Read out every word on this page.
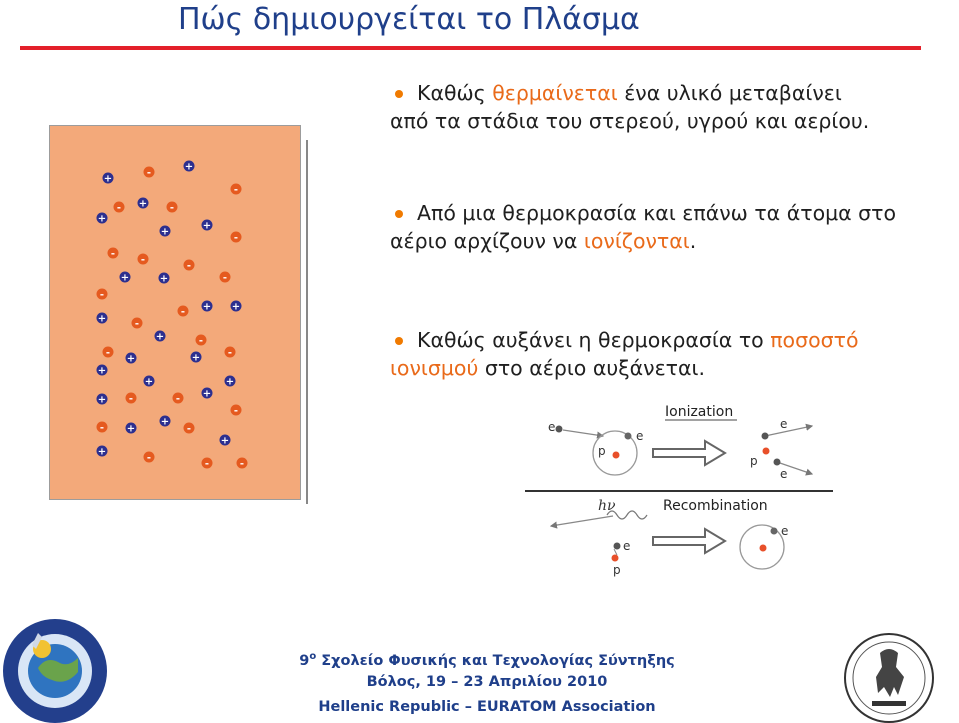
Πώς δημιουργείται το Πλάσμα
Καθώς θερμαίνεται ένα υλικό μεταβαίνει
από τα στάδια του στερεού, υγρού και αερίου.
Από μια θερμοκρασία και επάνω τα άτομα στο
αέριο αρχίζουν να ιονίζονται.
Καθώς αυξάνει η θερμοκρασία το ποσοστό
ιονισμού στο αέριο αυξάνεται.
+
+
+
+
+
+
+	+
+ +
+
+
+
+
+
+	+
+
+
+
+
+
+
-
-
-	-
-
-
-
-
-
-
-
-
-
-
-
-	-
-
-	-
-
-	-
Ionization
e
p
e
e
p
e
Recombination
hν
e
p
e
$9^o$ Σχολείο Φυσικής και Τεχνολογίας Σύντηξης
Βόλος, 19 – 23 Απριλίου 2010
Hellenic Republic – EURATOM Association
